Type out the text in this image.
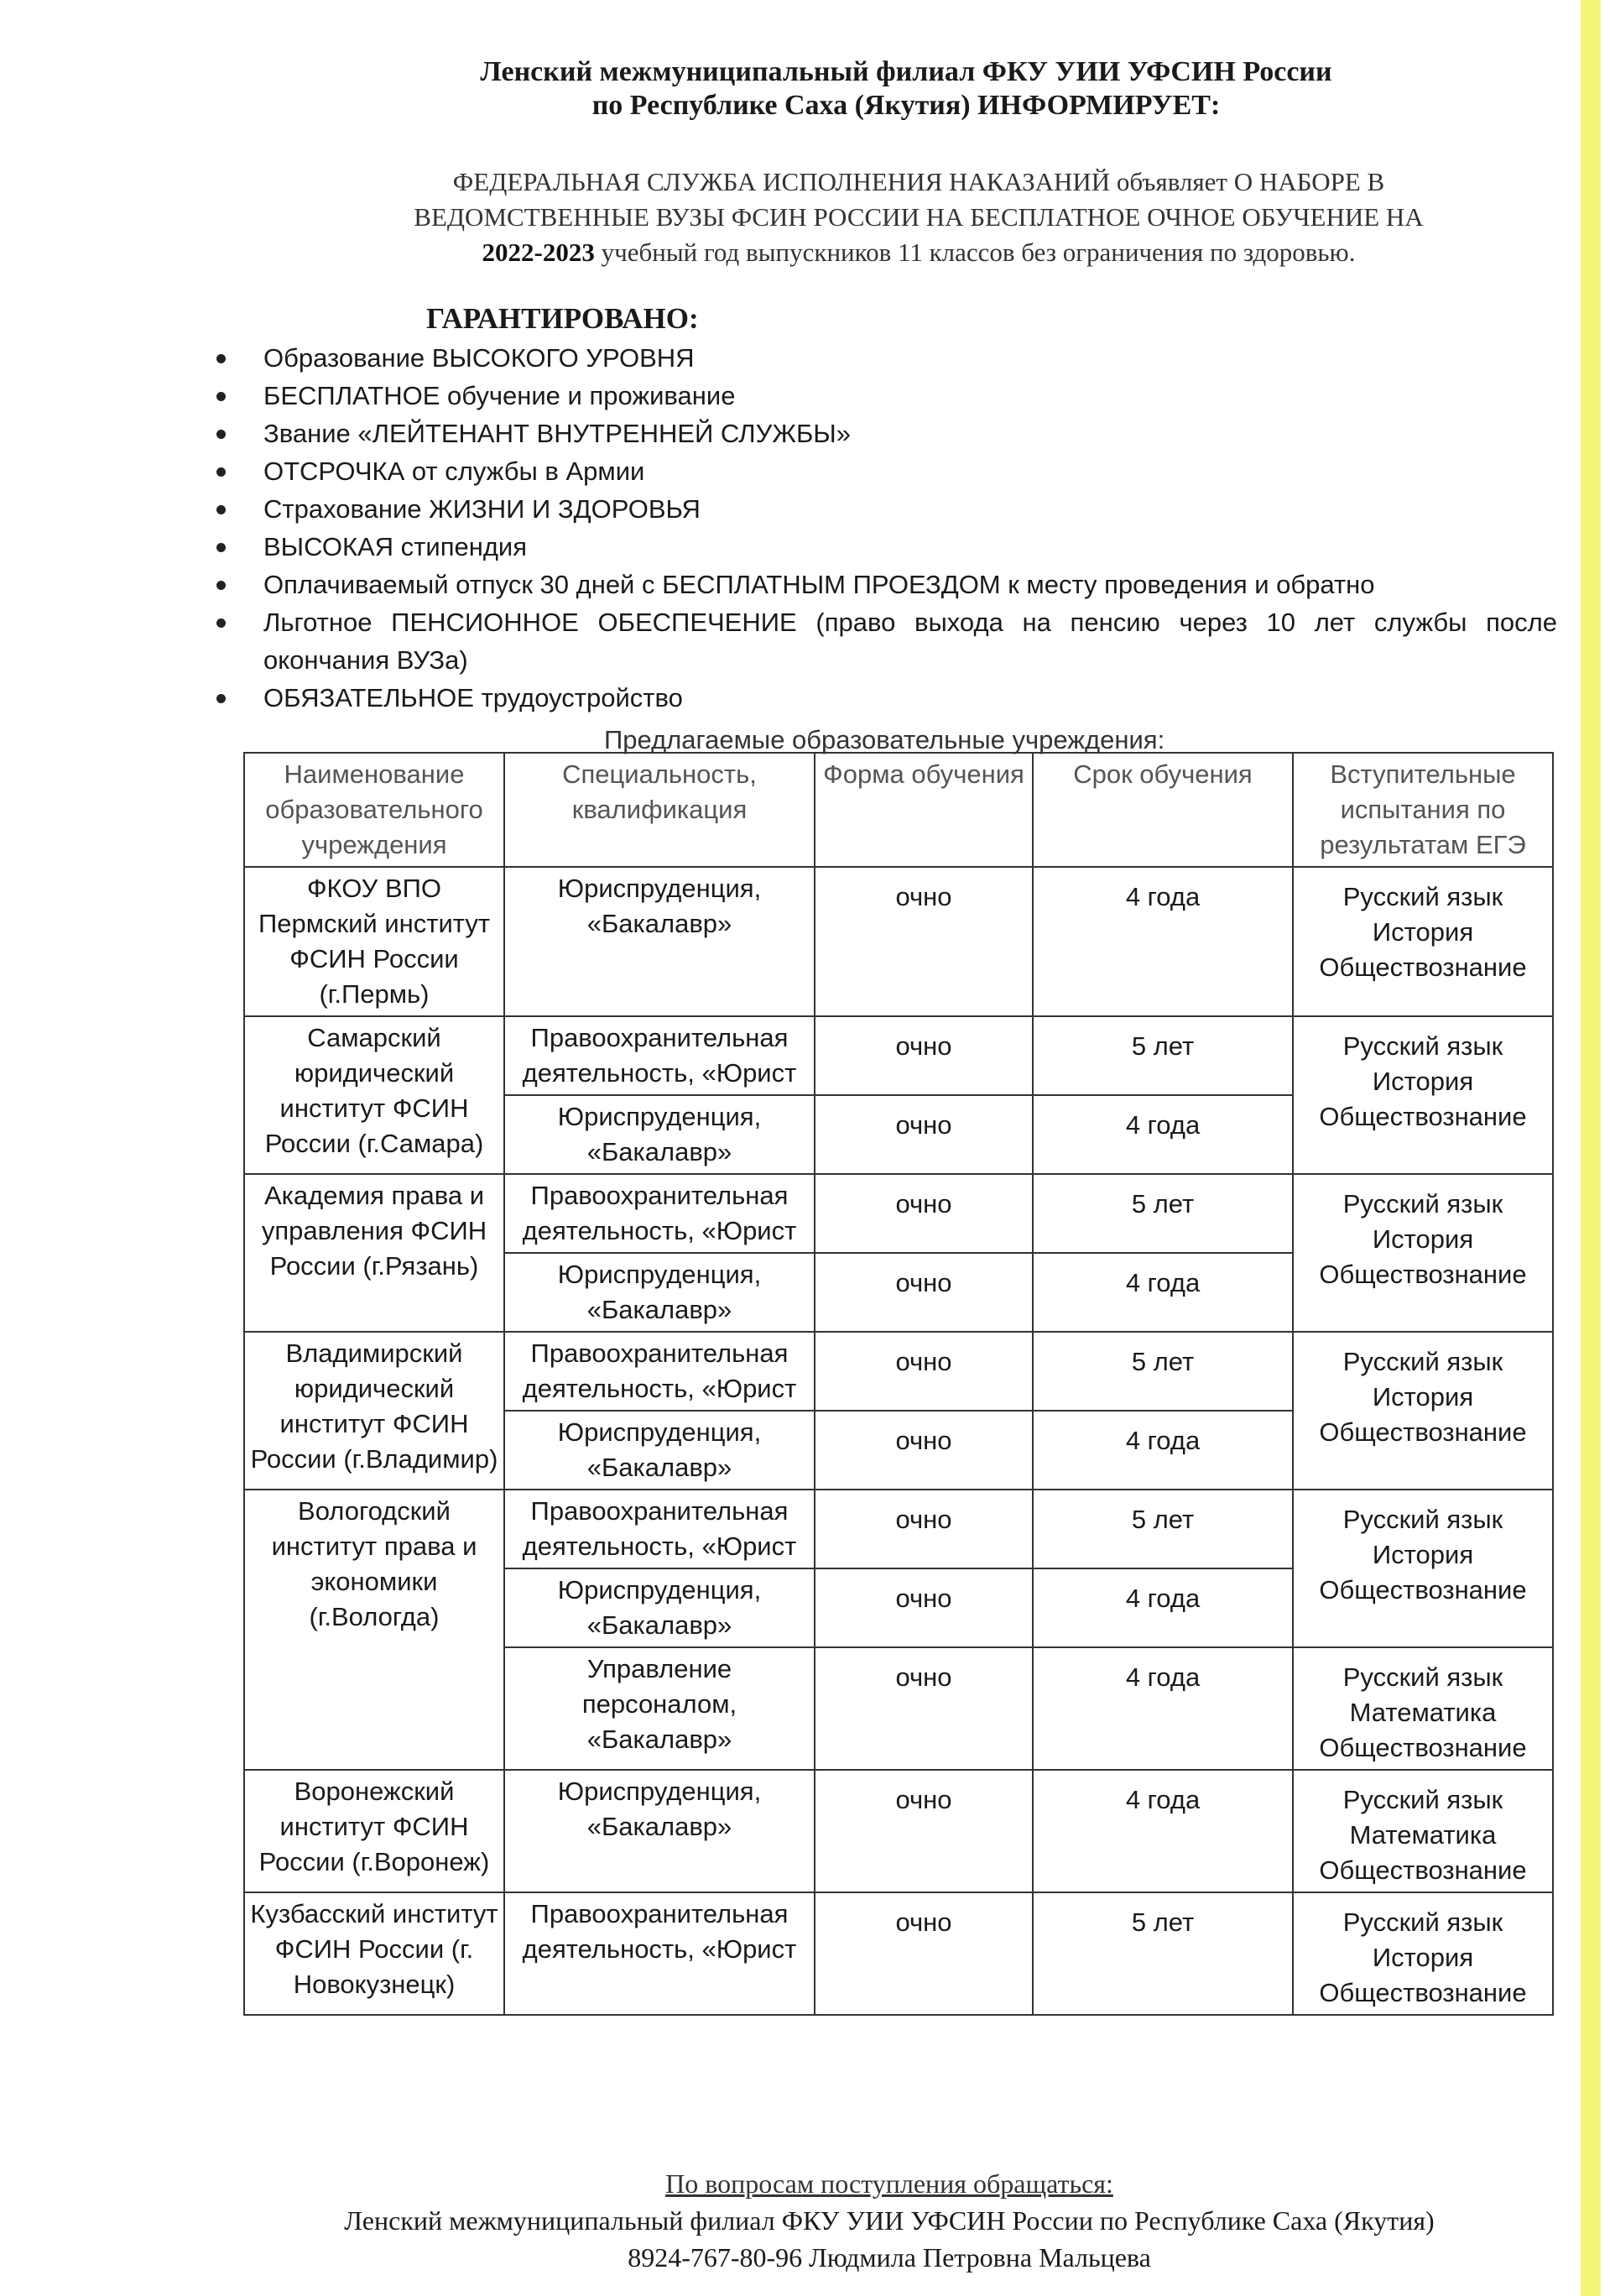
Ленский межмуниципальный филиал ФКУ УИИ УФСИН России
по Республике Саха (Якутия) ИНФОРМИРУЕТ:
ФЕДЕРАЛЬНАЯ СЛУЖБА ИСПОЛНЕНИЯ НАКАЗАНИЙ объявляет О НАБОРЕ В
ВЕДОМСТВЕННЫЕ ВУЗЫ ФСИН РОССИИ НА БЕСПЛАТНОЕ ОЧНОЕ ОБУЧЕНИЕ НА
2022-2023 учебный год выпускников 11 классов без ограничения по здоровью.
ГАРАНТИРОВАНО:
Образование ВЫСОКОГО УРОВНЯ
БЕСПЛАТНОЕ обучение и проживание
Звание «ЛЕЙТЕНАНТ ВНУТРЕННЕЙ СЛУЖБЫ»
ОТСРОЧКА от службы в Армии
Страхование ЖИЗНИ И ЗДОРОВЬЯ
ВЫСОКАЯ стипендия
Оплачиваемый отпуск 30 дней с БЕСПЛАТНЫМ ПРОЕЗДОМ к месту проведения и обратно
Льготное ПЕНСИОННОЕ ОБЕСПЕЧЕНИЕ (право выхода на пенсию через 10 лет службы после окончания ВУЗа)
ОБЯЗАТЕЛЬНОЕ трудоустройство
Предлагаемые образовательные учреждения:
Наименование образовательного учреждения	Специальность, квалификация	Форма обучения	Срок обучения	Вступительные испытания по результатам ЕГЭ
ФКОУ ВПО Пермский институт ФСИН России (г.Пермь)	Юриспруденция, «Бакалавр»	очно	4 года	Русский язык История Обществознание
Самарский юридический институт ФСИН России (г.Самара)	Правоохранительная деятельность, «Юрист	очно	5 лет	Русский язык История Обществознание
	Юриспруденция, «Бакалавр»	очно	4 года	
Академия права и управления ФСИН России (г.Рязань)	Правоохранительная деятельность, «Юрист	очно	5 лет	Русский язык История Обществознание
	Юриспруденция, «Бакалавр»	очно	4 года	
Владимирский юридический институт ФСИН России (г.Владимир)	Правоохранительная деятельность, «Юрист	очно	5 лет	Русский язык История Обществознание
	Юриспруденция, «Бакалавр»	очно	4 года	
Вологодский институт права и экономики (г.Вологда)	Правоохранительная деятельность, «Юрист	очно	5 лет	Русский язык История Обществознание
	Юриспруденция, «Бакалавр»	очно	4 года	
	Управление персоналом, «Бакалавр»	очно	4 года	Русский язык Математика Обществознание
Воронежский институт ФСИН России (г.Воронеж)	Юриспруденция, «Бакалавр»	очно	4 года	Русский язык Математика Обществознание
Кузбасский институт ФСИН России (г. Новокузнецк)	Правоохранительная деятельность, «Юрист	очно	5 лет	Русский язык История Обществознание
По вопросам поступления обращаться:
Ленский межмуниципальный филиал ФКУ УИИ УФСИН России по Республике Саха (Якутия)
8924-767-80-96 Людмила Петровна Мальцева
